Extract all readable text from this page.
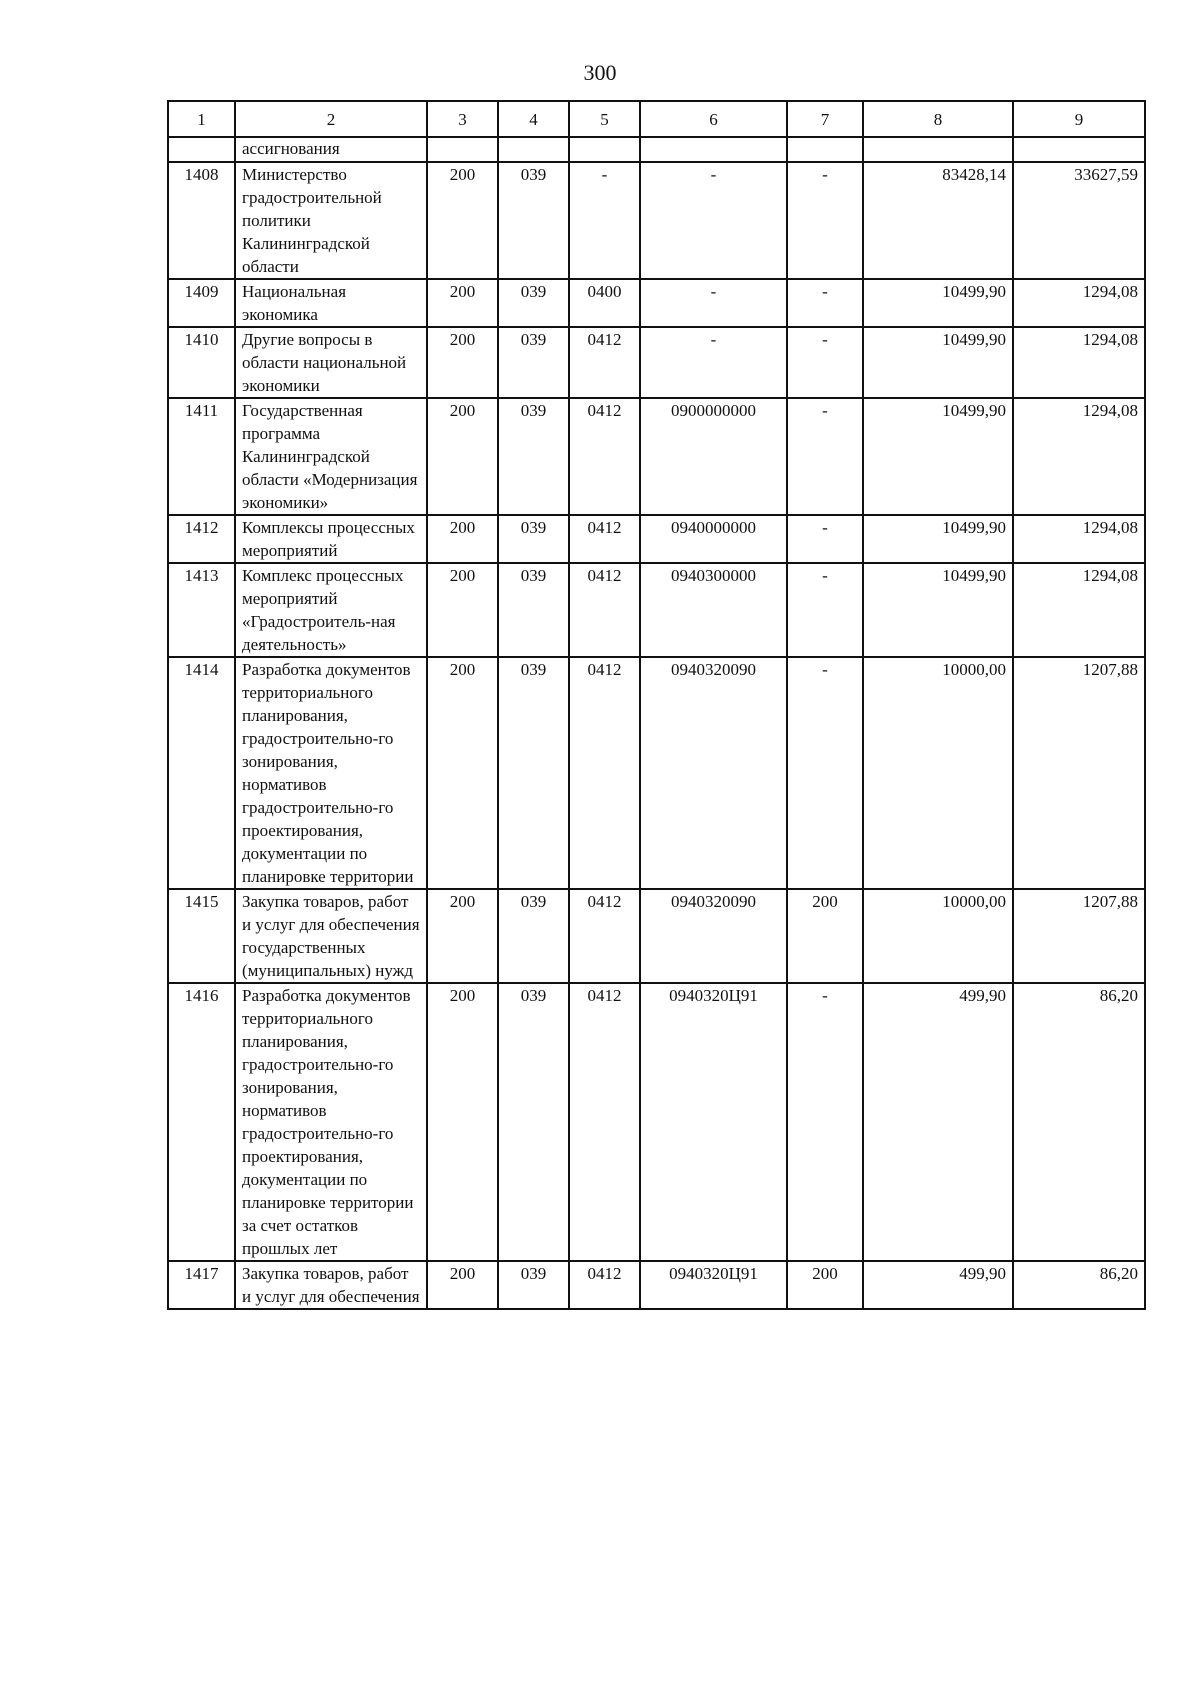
300
1	2	3	4	5	6	7	8	9
	ассигнования							
1408	Министерство градостроительной политики Калининградской области	200	039	-	-	-	83428,14	33627,59
1409	Национальная экономика	200	039	0400	-	-	10499,90	1294,08
1410	Другие вопросы в области национальной экономики	200	039	0412	-	-	10499,90	1294,08
1411	Государственная программа Калининградской области «Модернизация экономики»	200	039	0412	0900000000	-	10499,90	1294,08
1412	Комплексы процессных мероприятий	200	039	0412	0940000000	-	10499,90	1294,08
1413	Комплекс процессных мероприятий «Градостроитель-ная деятельность»	200	039	0412	0940300000	-	10499,90	1294,08
1414	Разработка документов территориального планирования, градостроительно-го зонирования, нормативов градостроительно-го проектирования, документации по планировке территории	200	039	0412	0940320090	-	10000,00	1207,88
1415	Закупка товаров, работ и услуг для обеспечения государственных (муниципальных) нужд	200	039	0412	0940320090	200	10000,00	1207,88
1416	Разработка документов территориального планирования, градостроительно-го зонирования, нормативов градостроительно-го проектирования, документации по планировке территории за счет остатков прошлых лет	200	039	0412	0940320Ц91	-	499,90	86,20
1417	Закупка товаров, работ и услуг для обеспечения	200	039	0412	0940320Ц91	200	499,90	86,20
